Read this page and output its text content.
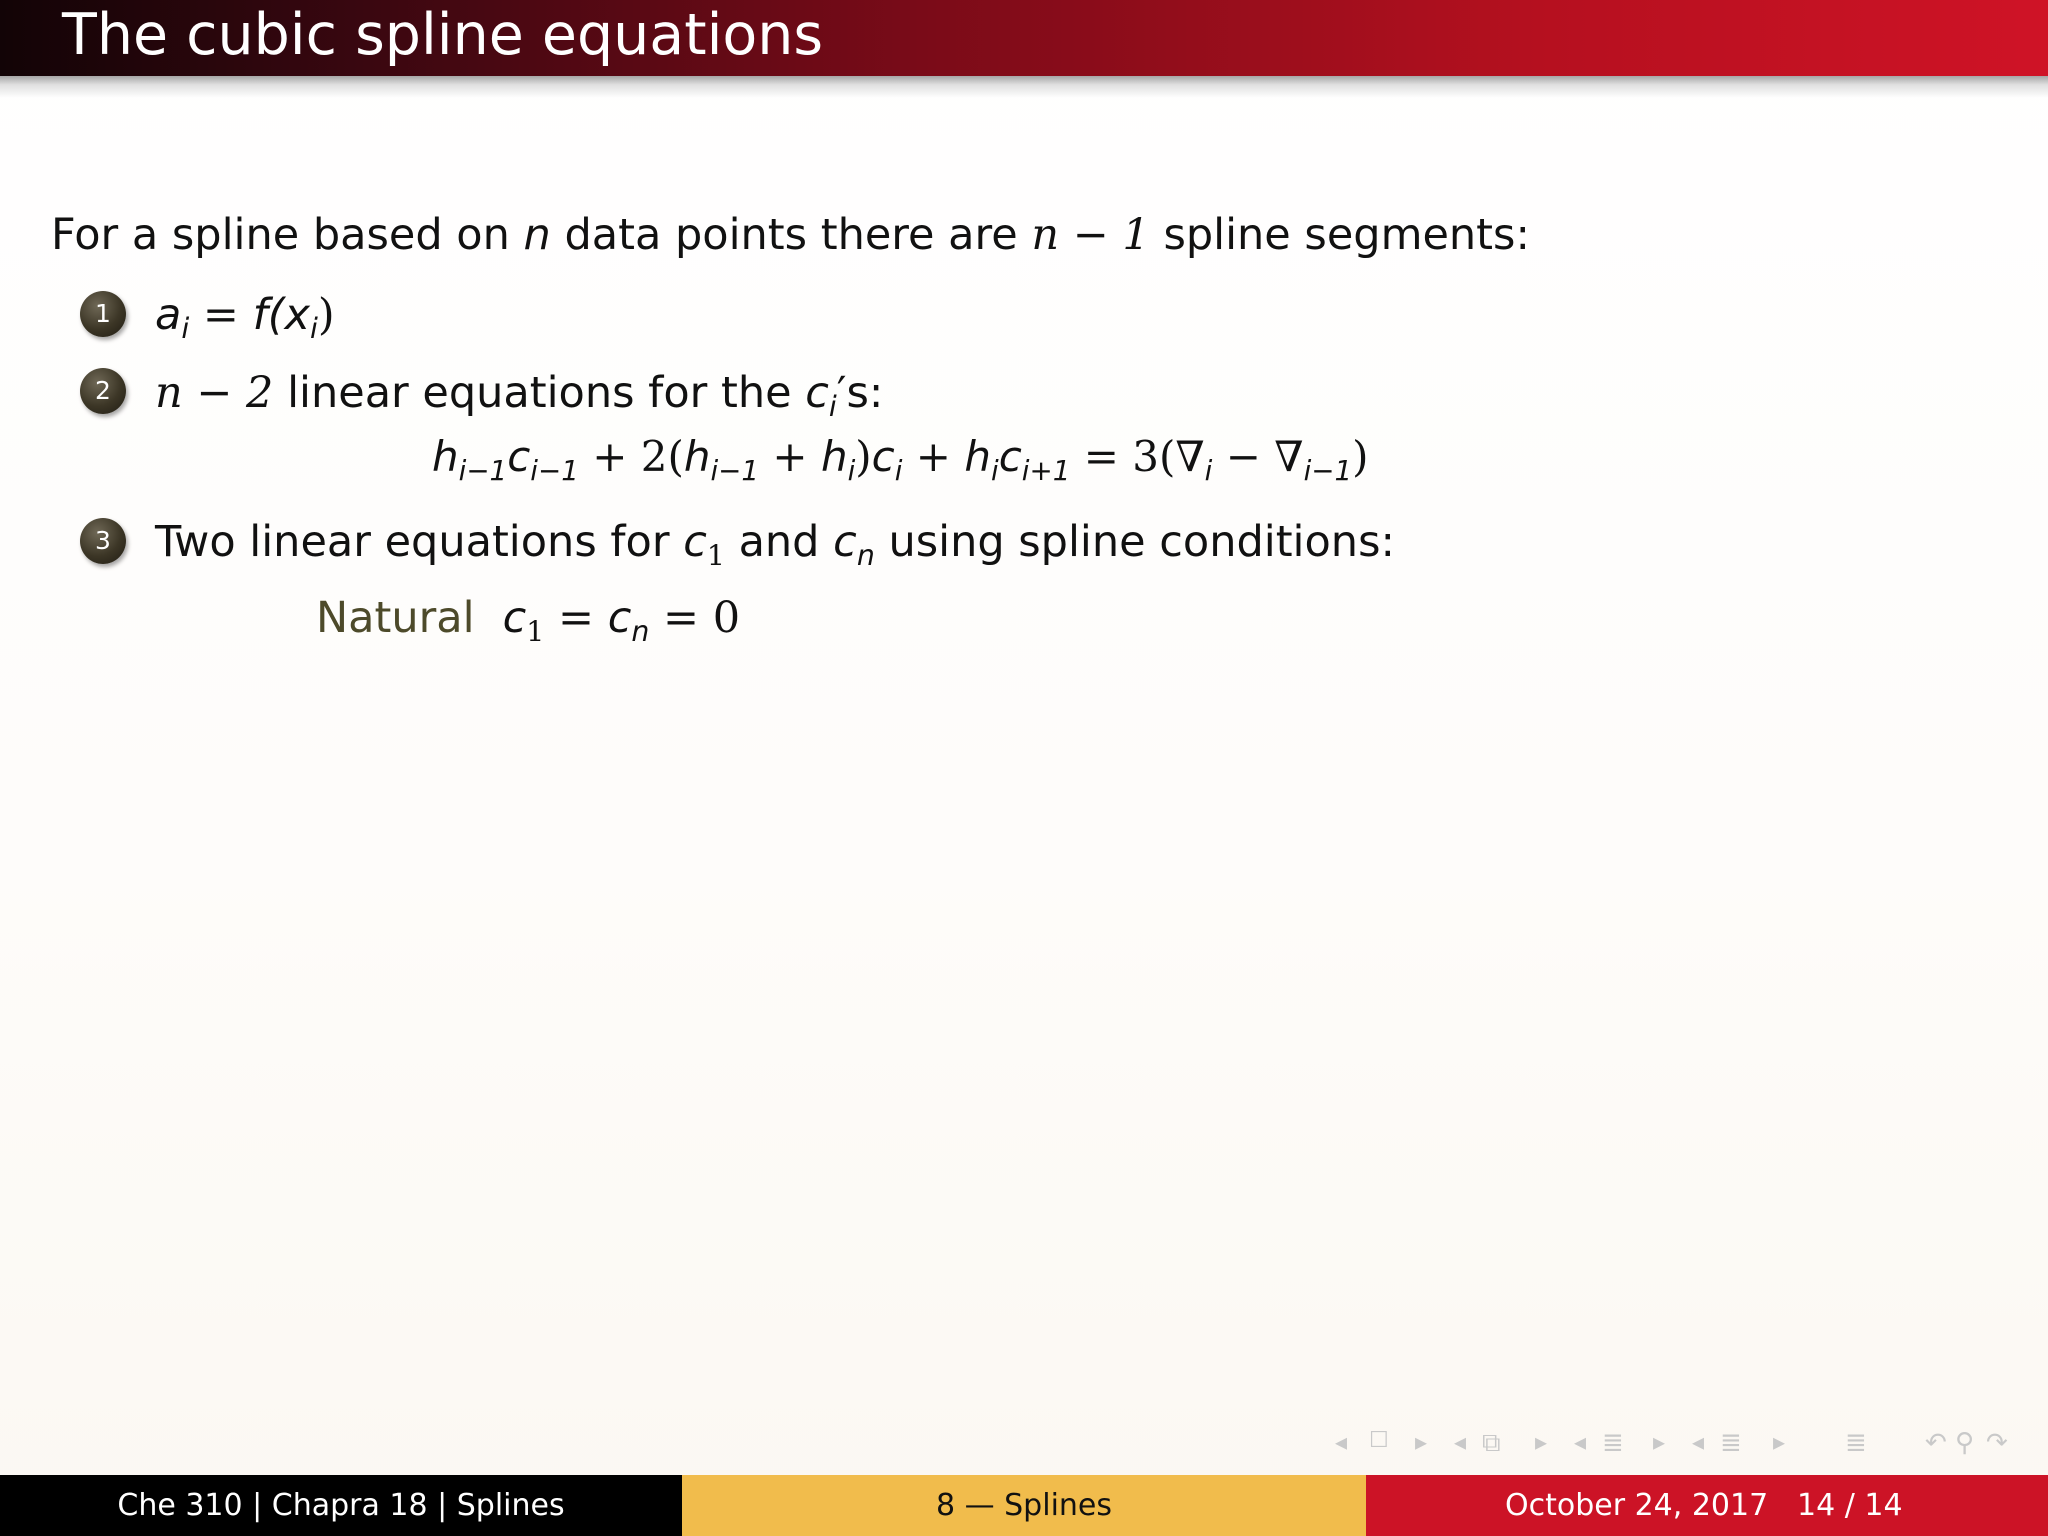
The cubic spline equations
For a spline based on n data points there are n − 1 spline segments:
1	$a_i = f(x_i)$
2	n − 2 linear equations for the $c_i's$:
$h_{i-1}c_{i-1} + 2(h_{i-1} + h_i)c_i + h_ic_{i+1} = 3(\nabla_i - \nabla_{i-1})$
3	Two linear equations for $c_1$ and $c_n$ using spline conditions:
Natural $c_1 = c_n = 0$
◂ ☐ ▸ ◂ ⧉ ▸ ◂ ≣ ▸ ◂ ≣ ▸ ≣ ↶ ⚲ ↷
Che 310 | Chapra 18 | Splines	8 — Splines	October 24, 2017 14 / 14
